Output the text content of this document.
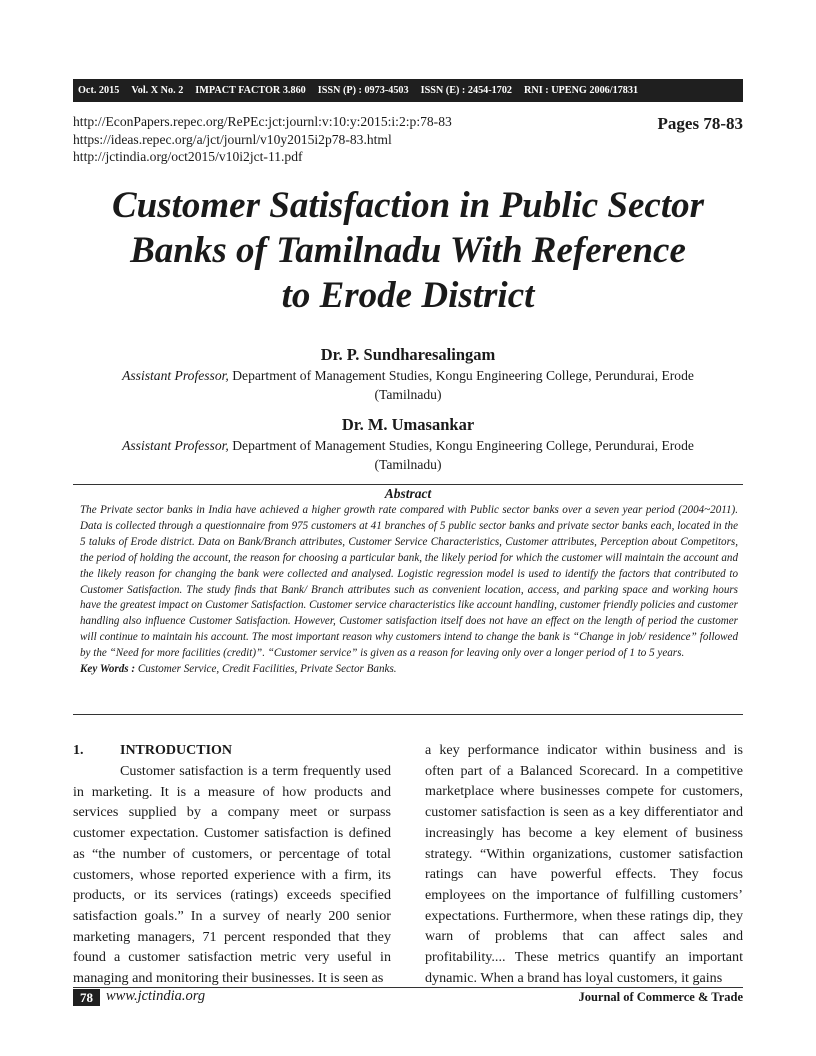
Oct. 2015 Vol. X No. 2 IMPACT FACTOR 3.860 ISSN (P) : 0973-4503 ISSN (E) : 2454-1702 RNI : UPENG 2006/17831
http://EconPapers.repec.org/RePEc:jct:journl:v:10:y:2015:i:2:p:78-83
https://ideas.repec.org/a/jct/journl/v10y2015i2p78-83.html
http://jctindia.org/oct2015/v10i2jct-11.pdf
Pages 78-83
Customer Satisfaction in Public Sector
Banks of Tamilnadu With Reference
to Erode District
Dr. P. Sundharesalingam
Assistant Professor, Department of Management Studies, Kongu Engineering College, Perundurai, Erode (Tamilnadu)
Dr. M. Umasankar
Assistant Professor, Department of Management Studies, Kongu Engineering College, Perundurai, Erode (Tamilnadu)
Abstract
The Private sector banks in India have achieved a higher growth rate compared with Public sector banks over a seven year period (2004~2011). Data is collected through a questionnaire from 975 customers at 41 branches of 5 public sector banks and private sector banks each, located in the 5 taluks of Erode district. Data on Bank/Branch attributes, Customer Service Characteristics, Customer attributes, Perception about Competitors, the period of holding the account, the reason for choosing a particular bank, the likely period for which the customer will maintain the account and the likely reason for changing the bank were collected and analysed. Logistic regression model is used to identify the factors that contributed to Customer Satisfaction. The study finds that Bank/ Branch attributes such as convenient location, access, and parking space and working hours have the greatest impact on Customer Satisfaction. Customer service characteristics like account handling, customer friendly policies and customer handling also influence Customer Satisfaction. However, Customer satisfaction itself does not have an effect on the length of period the customer will continue to maintain his account. The most important reason why customers intend to change the bank is “Change in job/ residence” followed by the “Need for more facilities (credit)”. “Customer service” is given as a reason for leaving only over a longer period of 1 to 5 years.
Key Words : Customer Service, Credit Facilities, Private Sector Banks.
1.	INTRODUCTION

Customer satisfaction is a term frequently used in marketing. It is a measure of how products and services supplied by a company meet or surpass customer expectation. Customer satisfaction is defined as “the number of customers, or percentage of total customers, whose reported experience with a firm, its products, or its services (ratings) exceeds specified satisfaction goals.” In a survey of nearly 200 senior marketing managers, 71 percent responded that they found a customer satisfaction metric very useful in managing and monitoring their businesses. It is seen as

a key performance indicator within business and is often part of a Balanced Scorecard. In a competitive marketplace where businesses compete for customers, customer satisfaction is seen as a key differentiator and increasingly has become a key element of business strategy. “Within organizations, customer satisfaction ratings can have powerful effects. They focus employees on the importance of fulfilling customers’ expectations. Furthermore, when these ratings dip, they warn of problems that can affect sales and profitability.... These metrics quantify an important dynamic. When a brand has loyal customers, it gains

78 www.jctindia.org	Journal of Commerce & Trade
